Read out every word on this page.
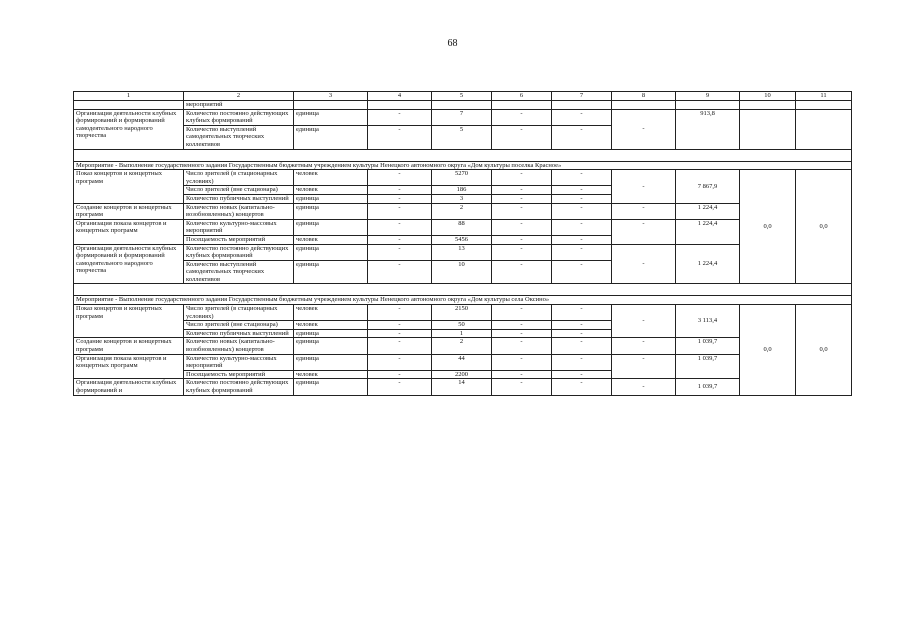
68
1	2	3	4	5	6	7	8	9	10	11
	мероприятий									
Организация деятельности клубных формирований и формирований самодеятельного народного творчества	Количество постоянно действующих клубных формирований	единица	-	7	-	-	-	913,8		
	Количество выступлений самодеятельных творческих коллективов	единица	-	5	-	-				

Мероприятие - Выполнение государственного задания Государственным бюджетным учреждением культуры Ненецкого автономного округа «Дом культуры поселка Красное»										
Показ концертов и концертных программ	Число зрителей (в стационарных условиях)	человек	-	5270	-	-	-	7 867,9	0,0	0,0
	Число зрителей (вне стационара)	человек	-	186	-	-				
	Количество публичных выступлений	единица	-	3	-	-				
Создание концертов и концертных программ	Количество новых (капитально-возобновленных) концертов	единица	-	2	-	-	-	1 224,4		
Организация показа концертов и концертных программ	Количество культурно-массовых мероприятий	единица	-	88	-	-	-	1 224,4		
	Посещаемость мероприятий	человек	-	5456	-	-				
Организация деятельности клубных формирований и формирований самодеятельного народного творчества	Количество постоянно действующих клубных формирований	единица	-	13	-	-	-	1 224,4		
	Количество выступлений самодеятельных творческих коллективов	единица	-	10	-	-				

Мероприятие - Выполнение государственного задания Государственным бюджетным учреждением культуры Ненецкого автономного округа «Дом культуры села Оксино»										
Показ концертов и концертных программ	Число зрителей (в стационарных условиях)	человек	-	2150	-	-	-	3 113,4	0,0	0,0
	Число зрителей (вне стационара)	человек	-	50	-	-				
	Количество публичных выступлений	единица	-	1	-	-				
Создание концертов и концертных программ	Количество новых (капитально-возобновленных) концертов	единица	-	2	-	-	-	1 039,7		
Организация показа концертов и концертных программ	Количество культурно-массовых мероприятий	единица	-	44	-	-	-	1 039,7		
	Посещаемость мероприятий	человек	-	2200	-	-				
Организация деятельности клубных формирований и	Количество постоянно действующих клубных формирований	единица	-	14	-	-	-	1 039,7		
